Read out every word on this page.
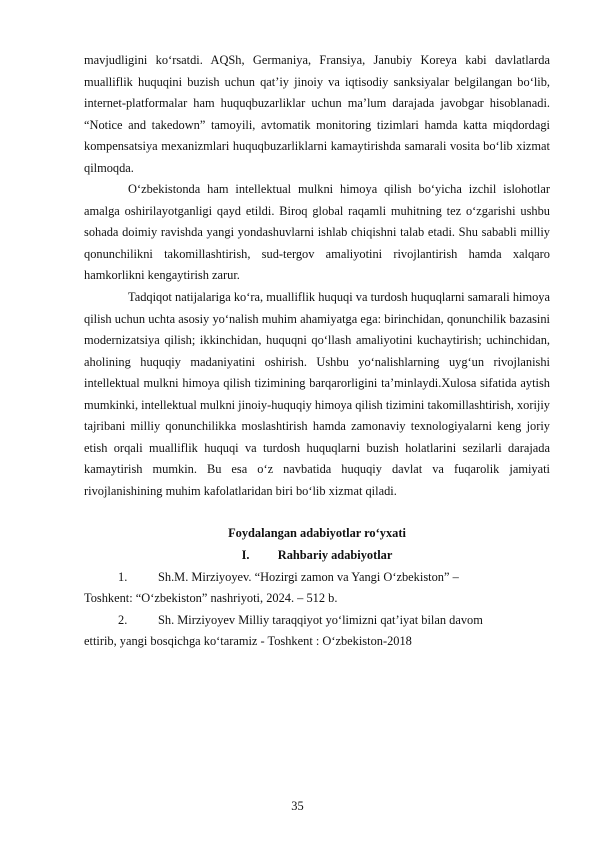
mavjudligini ko‘rsatdi. AQSh, Germaniya, Fransiya, Janubiy Koreya kabi davlatlarda mualliflik huquqini buzish uchun qat’iy jinoiy va iqtisodiy sanksiyalar belgilangan bo‘lib, internet-platformalar ham huquqbuzarliklar uchun ma’lum darajada javobgar hisoblanadi. “Notice and takedown” tamoyili, avtomatik monitoring tizimlari hamda katta miqdordagi kompensatsiya mexanizmlari huquqbuzarliklarni kamaytirishda samarali vosita bo‘lib xizmat qilmoqda.

O‘zbekistonda ham intellektual mulkni himoya qilish bo‘yicha izchil islohotlar amalga oshirilayotganligi qayd etildi. Biroq global raqamli muhitning tez o‘zgarishi ushbu sohada doimiy ravishda yangi yondashuvlarni ishlab chiqishni talab etadi. Shu sababli milliy qonunchilikni takomillashtirish, sud-tergov amaliyotini rivojlantirish hamda xalqaro hamkorlikni kengaytirish zarur.

Tadqiqot natijalariga ko‘ra, mualliflik huquqi va turdosh huquqlarni samarali himoya qilish uchun uchta asosiy yo‘nalish muhim ahamiyatga ega: birinchidan, qonunchilik bazasini modernizatsiya qilish; ikkinchidan, huquqni qo‘llash amaliyotini kuchaytirish; uchinchidan, aholining huquqiy madaniyatini oshirish. Ushbu yo‘nalishlarning uyg‘un rivojlanishi intellektual mulkni himoya qilish tizimining barqarorligini ta’minlaydi.Xulosa sifatida aytish mumkinki, intellektual mulkni jinoiy-huquqiy himoya qilish tizimini takomillashtirish, xorijiy tajribani milliy qonunchilikka moslashtirish hamda zamonaviy texnologiyalarni keng joriy etish orqali mualliflik huquqi va turdosh huquqlarni buzish holatlarini sezilarli darajada kamaytirish mumkin. Bu esa o‘z navbatida huquqiy davlat va fuqarolik jamiyati rivojlanishining muhim kafolatlaridan biri bo‘lib xizmat qiladi.

Foydalangan adabiyotlar ro‘yxati

I. Rahbariy adabiyotlar

1. Sh.M. Mirziyoyev. “Hozirgi zamon va Yangi O‘zbekiston” –
Toshkent: “O‘zbekiston” nashriyoti, 2024. – 512 b.
2. Sh. Mirziyoyev Milliy taraqqiyot yo‘limizni qat’iyat bilan davom
ettirib, yangi bosqichga ko‘taramiz - Toshkent : O‘zbekiston-2018
35
